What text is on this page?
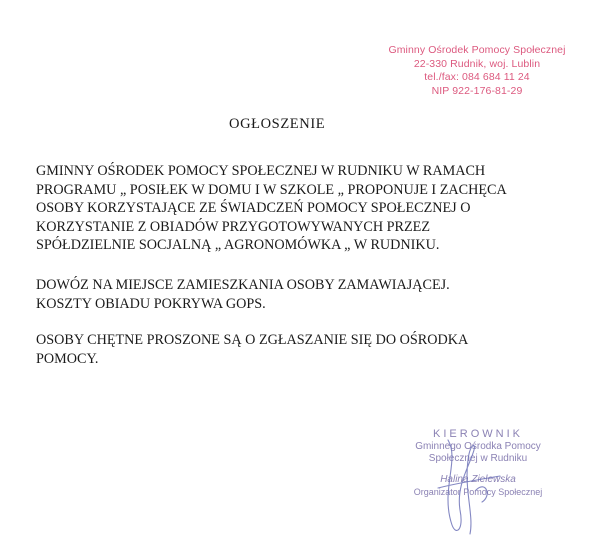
Gminny Ośrodek Pomocy Społecznej
22-330 Rudnik, woj. Lublin
tel./fax: 084 684 11 24
NIP 922-176-81-29
OGŁOSZENIE
GMINNY OŚRODEK POMOCY SPOŁECZNEJ W RUDNIKU W RAMACH
PROGRAMU „ POSIŁEK W DOMU I W SZKOLE „ PROPONUJE I ZACHĘCA
OSOBY KORZYSTAJĄCE ZE ŚWIADCZEŃ POMOCY SPOŁECZNEJ O
KORZYSTANIE Z OBIADÓW PRZYGOTOWYWANYCH PRZEZ
SPÓŁDZIELNIE SOCJALNĄ „ AGRONOMÓWKA „ W RUDNIKU.
DOWÓZ NA MIEJSCE ZAMIESZKANIA OSOBY ZAMAWIAJĄCEJ.
KOSZTY OBIADU POKRYWA GOPS.
OSOBY CHĘTNE PROSZONE SĄ O ZGŁASZANIE SIĘ DO OŚRODKA
POMOCY.
KIEROWNIK
Gminnego Ośrodka Pomocy
Społecznej w Rudniku
Halina Zielewska
Organizator Pomocy Społecznej
